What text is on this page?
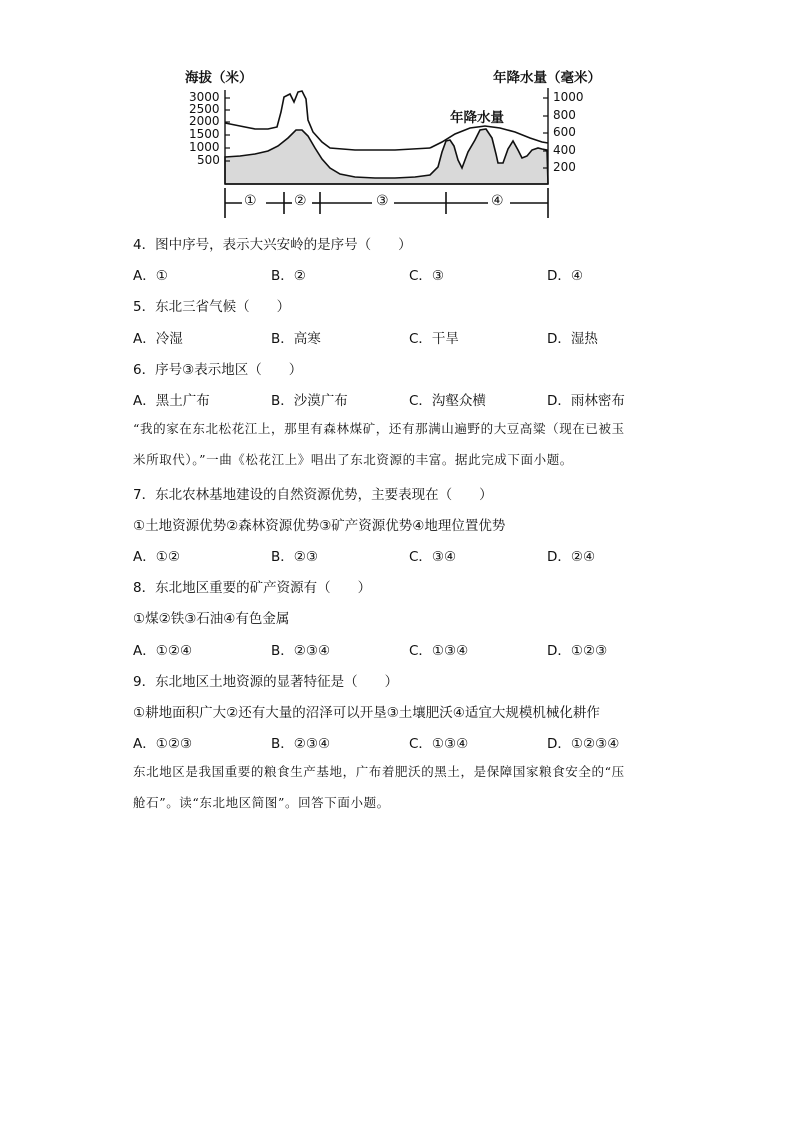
海拔（米）	年降水量（毫米）
3000
2500
2000
1500
1000
500
1000
800
600
400
200
年降水量
①	②	③	④
4．图中序号，表示大兴安岭的是序号（　　）
A．①	B．②	C．③	D．④
5．东北三省气候（　　）
A．冷湿	B．高寒	C．干旱	D．湿热
6．序号③表示地区（　　）
A．黑土广布	B．沙漠广布	C．沟壑众横	D．雨林密布
“我的家在东北松花江上，那里有森林煤矿，还有那满山遍野的大豆高粱（现在已被玉
米所取代）。”一曲《松花江上》唱出了东北资源的丰富。据此完成下面小题。
7．东北农林基地建设的自然资源优势，主要表现在（　　）
①土地资源优势②森林资源优势③矿产资源优势④地理位置优势
A．①②	B．②③	C．③④	D．②④
8．东北地区重要的矿产资源有（　　）
①煤②铁③石油④有色金属
A．①②④	B．②③④	C．①③④	D．①②③
9．东北地区土地资源的显著特征是（　　）
①耕地面积广大②还有大量的沼泽可以开垦③土壤肥沃④适宜大规模机械化耕作
A．①②③	B．②③④	C．①③④	D．①②③④
东北地区是我国重要的粮食生产基地，广布着肥沃的黑土，是保障国家粮食安全的“压
舱石”。读“东北地区简图”。回答下面小题。
